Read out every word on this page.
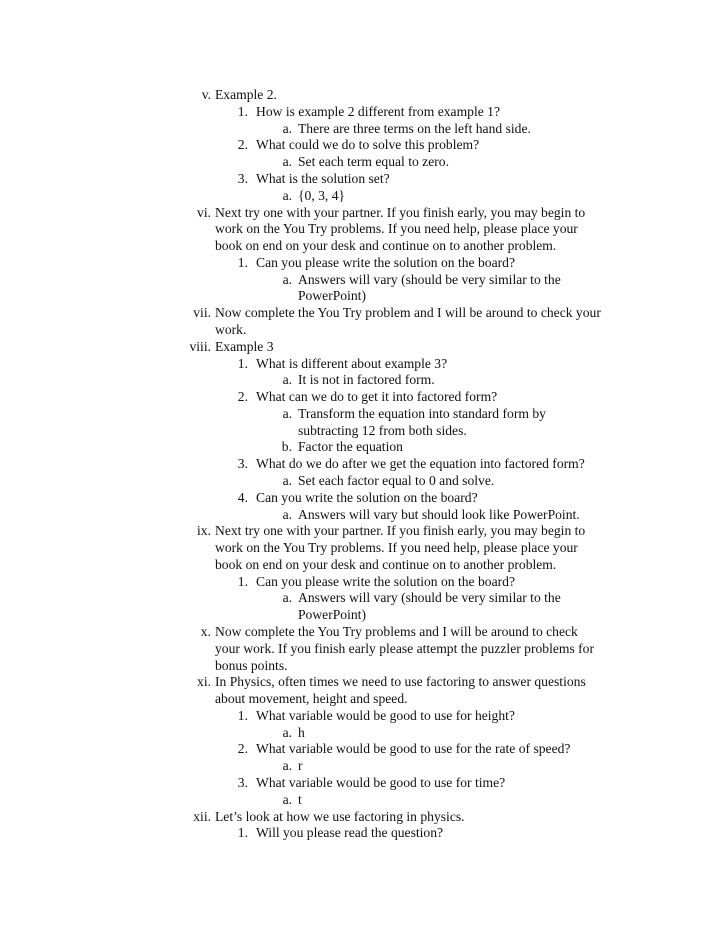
v. Example 2.
1. How is example 2 different from example 1?
a. There are three terms on the left hand side.
2. What could we do to solve this problem?
a. Set each term equal to zero.
3. What is the solution set?
a. {0, 3, 4}
vi. Next try one with your partner. If you finish early, you may begin to
work on the You Try problems. If you need help, please place your
book on end on your desk and continue on to another problem.
1. Can you please write the solution on the board?
a. Answers will vary (should be very similar to the
PowerPoint)
vii. Now complete the You Try problem and I will be around to check your
work.
viii. Example 3
1. What is different about example 3?
a. It is not in factored form.
2. What can we do to get it into factored form?
a. Transform the equation into standard form by
subtracting 12 from both sides.
b. Factor the equation
3. What do we do after we get the equation into factored form?
a. Set each factor equal to 0 and solve.
4. Can you write the solution on the board?
a. Answers will vary but should look like PowerPoint.
ix. Next try one with your partner. If you finish early, you may begin to
work on the You Try problems. If you need help, please place your
book on end on your desk and continue on to another problem.
1. Can you please write the solution on the board?
a. Answers will vary (should be very similar to the
PowerPoint)
x. Now complete the You Try problems and I will be around to check
your work. If you finish early please attempt the puzzler problems for
bonus points.
xi. In Physics, often times we need to use factoring to answer questions
about movement, height and speed.
1. What variable would be good to use for height?
a. h
2. What variable would be good to use for the rate of speed?
a. r
3. What variable would be good to use for time?
a. t
xii. Let’s look at how we use factoring in physics.
1. Will you please read the question?
